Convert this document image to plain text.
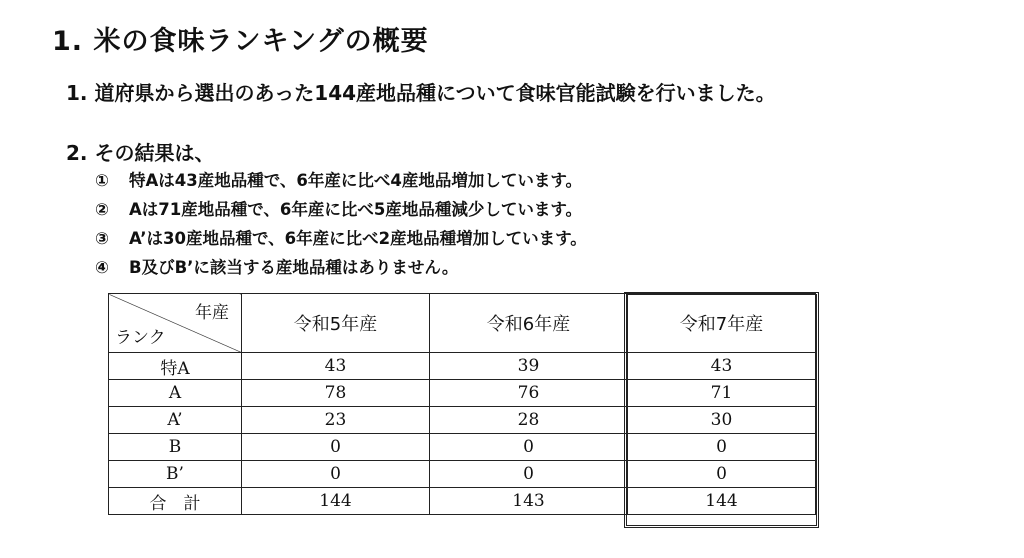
1. 米の食味ランキングの概要
1. 道府県から選出のあった144産地品種について食味官能試験を行いました。
2. その結果は、
① 特Aは43産地品種で、6年産に比べ4産地品増加しています。
② Aは71産地品種で、6年産に比べ5産地品種減少しています。
③ A’は30産地品種で、6年産に比べ2産地品種増加しています。
④ B及びB’に該当する産地品種はありません。
年産
ランク	令和5年産	令和6年産	令和7年産
特A	43	39	43
A	78	76	71
A’	23	28	30
B	0	0	0
B’	0	0	0
合　計	144	143	144
